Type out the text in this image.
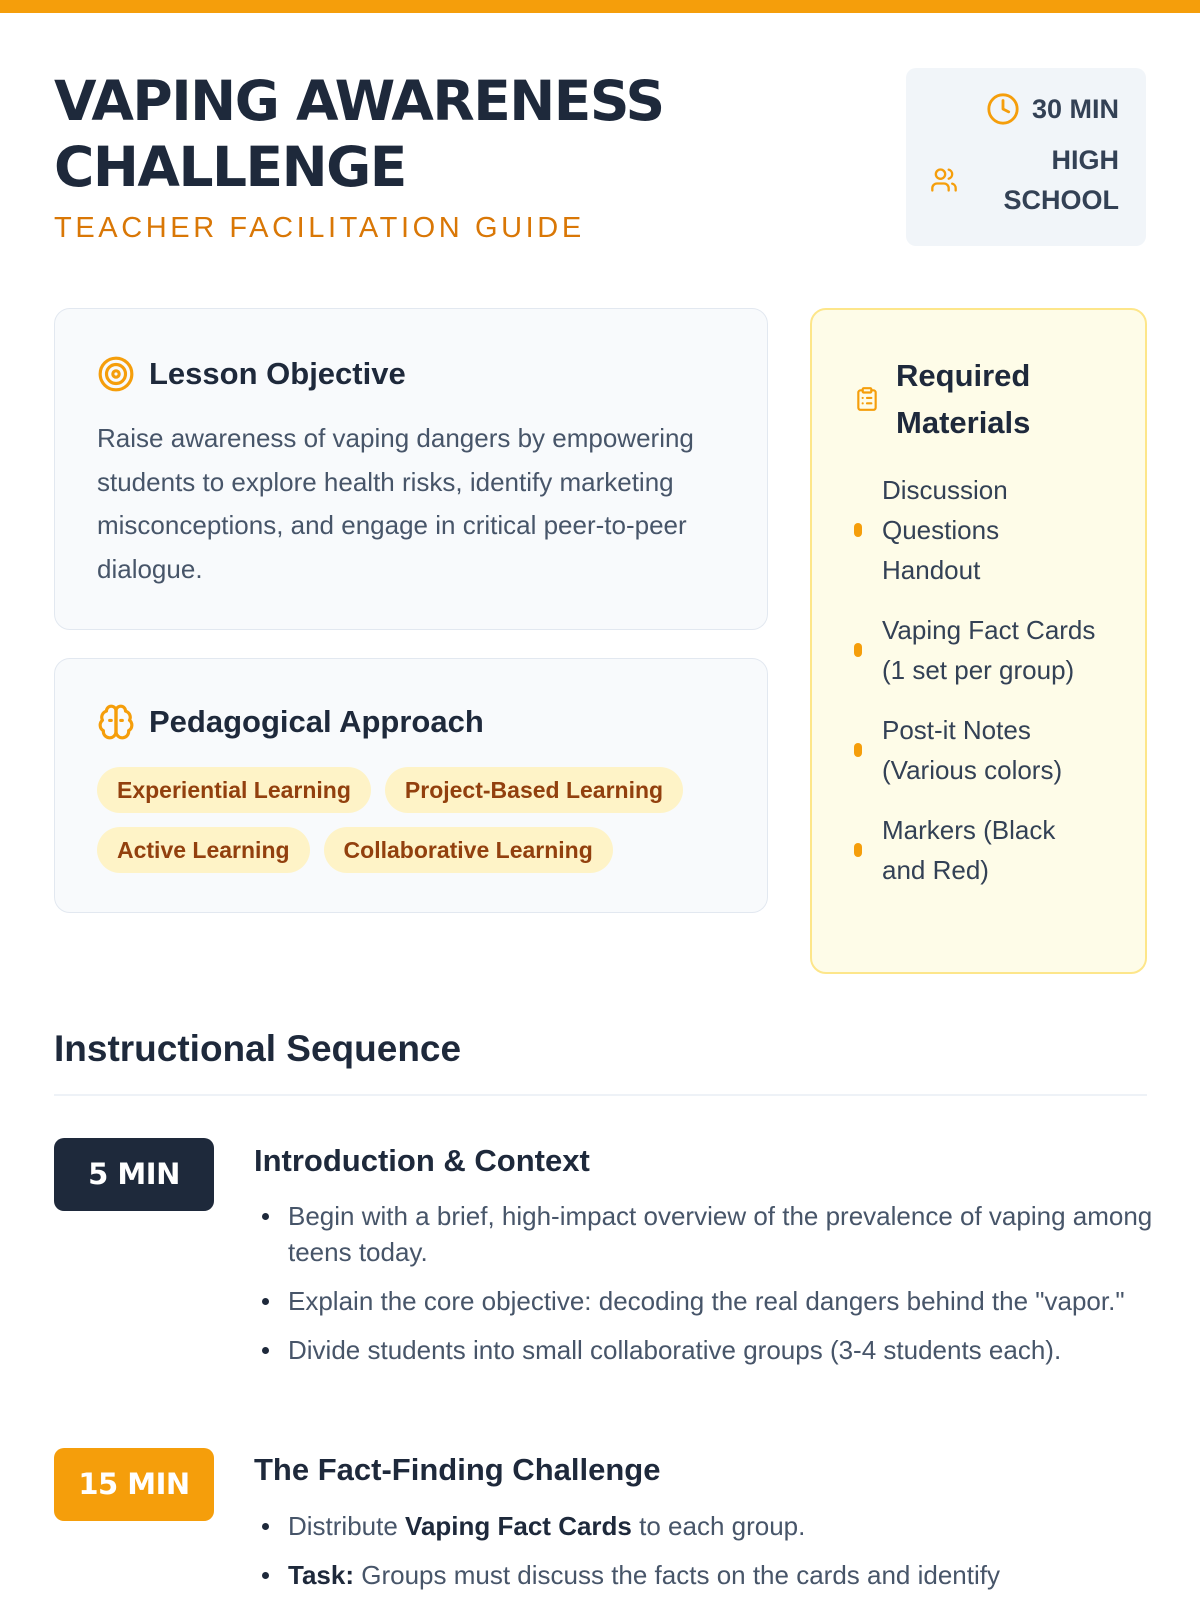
VAPING AWARENESS
CHALLENGE
TEACHER FACILITATION GUIDE
30 MIN
HIGH
SCHOOL
Lesson Objective

Raise awareness of vaping dangers by empowering students to explore health risks, identify marketing misconceptions, and engage in critical peer-to-peer dialogue.

Pedagogical Approach
Experiential Learning	Project-Based Learning
Active Learning	Collaborative Learning
Required
Materials
Discussion Questions Handout
Vaping Fact Cards (1 set per group)
Post-it Notes (Various colors)
Markers (Black and Red)
Instructional Sequence
5 MIN	Introduction & Context
Begin with a brief, high-impact overview of the prevalence of vaping among teens today.
Explain the core objective: decoding the real dangers behind the "vapor."
Divide students into small collaborative groups (3-4 students each).
15 MIN	The Fact-Finding Challenge
Distribute Vaping Fact Cards to each group.
Task: Groups must discuss the facts on the cards and identify
